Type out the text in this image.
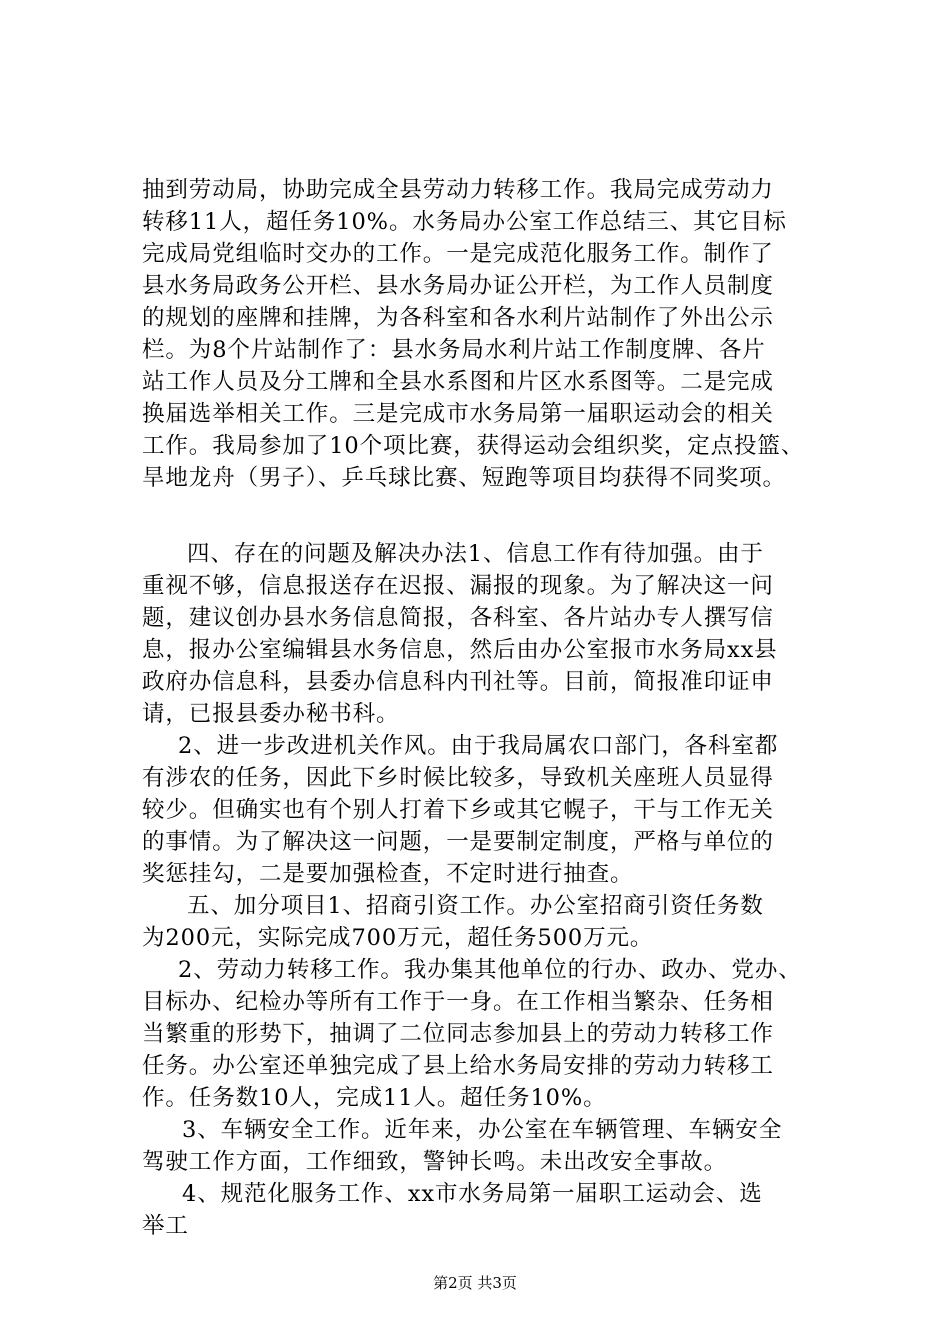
抽到劳动局，协助完成全县劳动力转移工作。我局完成劳动力
转移11人，超任务10%。水务局办公室工作总结三、其它目标
完成局党组临时交办的工作。一是完成范化服务工作。制作了
县水务局政务公开栏、县水务局办证公开栏，为工作人员制度
的规划的座牌和挂牌，为各科室和各水利片站制作了外出公示
栏。为8个片站制作了：县水务局水利片站工作制度牌、各片
站工作人员及分工牌和全县水系图和片区水系图等。二是完成
换届选举相关工作。三是完成市水务局第一届职运动会的相关
工作。我局参加了10个项比赛，获得运动会组织奖，定点投篮、
旱地龙舟（男子）、乒乓球比赛、短跑等项目均获得不同奖项。
四、存在的问题及解决办法1、信息工作有待加强。由于
重视不够，信息报送存在迟报、漏报的现象。为了解决这一问
题，建议创办县水务信息简报，各科室、各片站办专人撰写信
息，报办公室编辑县水务信息，然后由办公室报市水务局xx县
政府办信息科，县委办信息科内刊社等。目前，简报准印证申
请，已报县委办秘书科。
2、进一步改进机关作风。由于我局属农口部门，各科室都
有涉农的任务，因此下乡时候比较多，导致机关座班人员显得
较少。但确实也有个别人打着下乡或其它幌子，干与工作无关
的事情。为了解决这一问题，一是要制定制度，严格与单位的
奖惩挂勾，二是要加强检查，不定时进行抽查。
五、加分项目1、招商引资工作。办公室招商引资任务数
为200元，实际完成700万元，超任务500万元。
2、劳动力转移工作。我办集其他单位的行办、政办、党办、
目标办、纪检办等所有工作于一身。在工作相当繁杂、任务相
当繁重的形势下，抽调了二位同志参加县上的劳动力转移工作
任务。办公室还单独完成了县上给水务局安排的劳动力转移工
作。任务数10人，完成11人。超任务10%。
3、车辆安全工作。近年来，办公室在车辆管理、车辆安全
驾驶工作方面，工作细致，警钟长鸣。未出改安全事故。
4、规范化服务工作、xx市水务局第一届职工运动会、选
举工
第2页 共3页
